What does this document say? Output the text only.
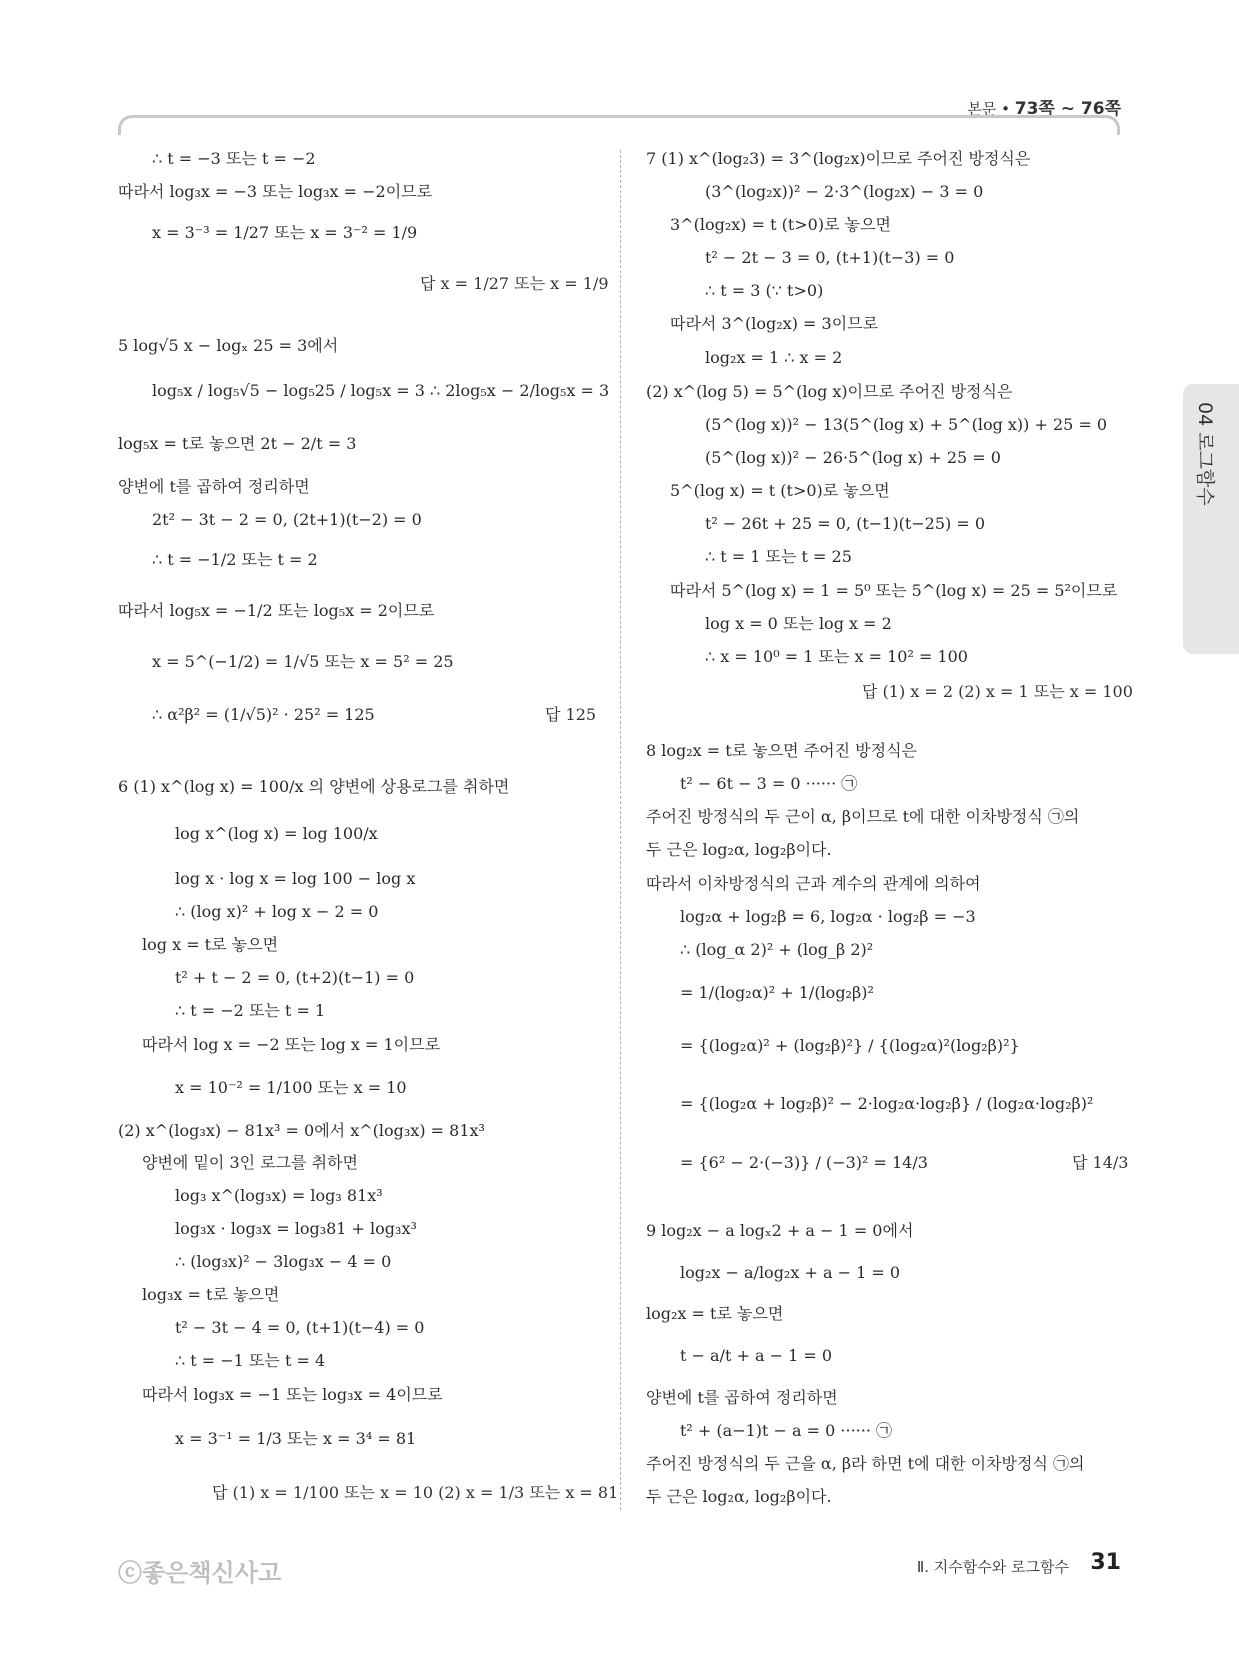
본문 • 73쪽 ~ 76쪽
04 로그함수
∴ t = −3 또는 t = −2
따라서 log₃x = −3 또는 log₃x = −2이므로
x = 3⁻³ = 1/27 또는 x = 3⁻² = 1/9
답 x = 1/27 또는 x = 1/9
5 log√5 x − logₓ 25 = 3에서
log₅x / log₅√5 − log₅25 / log₅x = 3 ∴ 2log₅x − 2/log₅x = 3
log₅x = t로 놓으면 2t − 2/t = 3
양변에 t를 곱하여 정리하면
2t² − 3t − 2 = 0, (2t+1)(t−2) = 0
∴ t = −1/2 또는 t = 2
따라서 log₅x = −1/2 또는 log₅x = 2이므로
x = 5^(−1/2) = 1/√5 또는 x = 5² = 25
∴ α²β² = (1/√5)² · 25² = 125	답 125
6 (1) x^(log x) = 100/x 의 양변에 상용로그를 취하면
log x^(log x) = log 100/x
log x · log x = log 100 − log x
∴ (log x)² + log x − 2 = 0
log x = t로 놓으면
t² + t − 2 = 0, (t+2)(t−1) = 0
∴ t = −2 또는 t = 1
따라서 log x = −2 또는 log x = 1이므로
x = 10⁻² = 1/100 또는 x = 10
(2) x^(log₃x) − 81x³ = 0에서 x^(log₃x) = 81x³
양변에 밑이 3인 로그를 취하면
log₃ x^(log₃x) = log₃ 81x³
log₃x · log₃x = log₃81 + log₃x³
∴ (log₃x)² − 3log₃x − 4 = 0
log₃x = t로 놓으면
t² − 3t − 4 = 0, (t+1)(t−4) = 0
∴ t = −1 또는 t = 4
따라서 log₃x = −1 또는 log₃x = 4이므로
x = 3⁻¹ = 1/3 또는 x = 3⁴ = 81
답 (1) x = 1/100 또는 x = 10 (2) x = 1/3 또는 x = 81
7 (1) x^(log₂3) = 3^(log₂x)이므로 주어진 방정식은
(3^(log₂x))² − 2·3^(log₂x) − 3 = 0
3^(log₂x) = t (t>0)로 놓으면
t² − 2t − 3 = 0, (t+1)(t−3) = 0
∴ t = 3 (∵ t>0)
따라서 3^(log₂x) = 3이므로
log₂x = 1 ∴ x = 2
(2) x^(log 5) = 5^(log x)이므로 주어진 방정식은
(5^(log x))² − 13(5^(log x) + 5^(log x)) + 25 = 0
(5^(log x))² − 26·5^(log x) + 25 = 0
5^(log x) = t (t>0)로 놓으면
t² − 26t + 25 = 0, (t−1)(t−25) = 0
∴ t = 1 또는 t = 25
따라서 5^(log x) = 1 = 5⁰ 또는 5^(log x) = 25 = 5²이므로
log x = 0 또는 log x = 2
∴ x = 10⁰ = 1 또는 x = 10² = 100
답 (1) x = 2 (2) x = 1 또는 x = 100
8 log₂x = t로 놓으면 주어진 방정식은
t² − 6t − 3 = 0 ······ ㉠
주어진 방정식의 두 근이 α, β이므로 t에 대한 이차방정식 ㉠의
두 근은 log₂α, log₂β이다.
따라서 이차방정식의 근과 계수의 관계에 의하여
log₂α + log₂β = 6, log₂α · log₂β = −3
∴ (log_α 2)² + (log_β 2)²
= 1/(log₂α)² + 1/(log₂β)²
= {(log₂α)² + (log₂β)²} / {(log₂α)²(log₂β)²}
= {(log₂α + log₂β)² − 2·log₂α·log₂β} / (log₂α·log₂β)²
= {6² − 2·(−3)} / (−3)² = 14/3	답 14/3
9 log₂x − a logₓ2 + a − 1 = 0에서
log₂x − a/log₂x + a − 1 = 0
log₂x = t로 놓으면
t − a/t + a − 1 = 0
양변에 t를 곱하여 정리하면
t² + (a−1)t − a = 0 ······ ㉠
주어진 방정식의 두 근을 α, β라 하면 t에 대한 이차방정식 ㉠의
두 근은 log₂α, log₂β이다.
ⓒ좋은책신사고	Ⅱ. 지수함수와 로그함수 31
